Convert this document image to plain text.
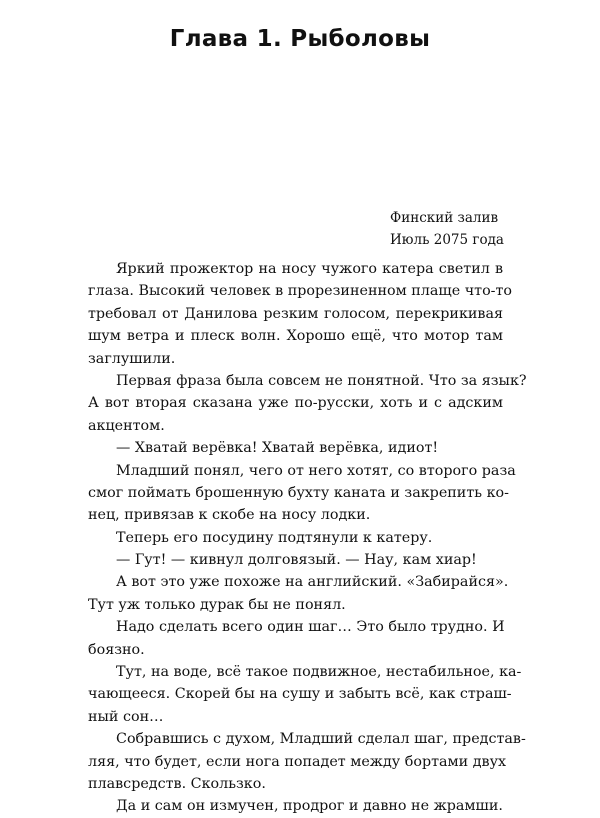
Глава 1. Рыболовы
Финский залив
Июль 2075 года
Яркий прожектор на носу чужого катера светил в
глаза. Высокий человек в прорезиненном плаще что-то
требовал от Данилова резким голосом, перекрикивая
шум ветра и плеск волн. Хорошо ещё, что мотор там
заглушили.
Первая фраза была совсем не понятной. Что за язык?
А вот вторая сказана уже по-русски, хоть и с адским
акцентом.
— Хватай верёвка! Хватай верёвка, идиот!
Младший понял, чего от него хотят, со второго раза
смог поймать брошенную бухту каната и закрепить ко-
нец, привязав к скобе на носу лодки.
Теперь его посудину подтянули к катеру.
— Гут! — кивнул долговязый. — Нау, кам хиар!
А вот это уже похоже на английский. «Забирайся».
Тут уж только дурак бы не понял.
Надо сделать всего один шаг… Это было трудно. И
боязно.
Тут, на воде, всё такое подвижное, нестабильное, ка-
чающееся. Скорей бы на сушу и забыть всё, как страш-
ный сон…
Собравшись с духом, Младший сделал шаг, представ-
ляя, что будет, если нога попадет между бортами двух
плавсредств. Скользко.
Да и сам он измучен, продрог и давно не жрамши.
